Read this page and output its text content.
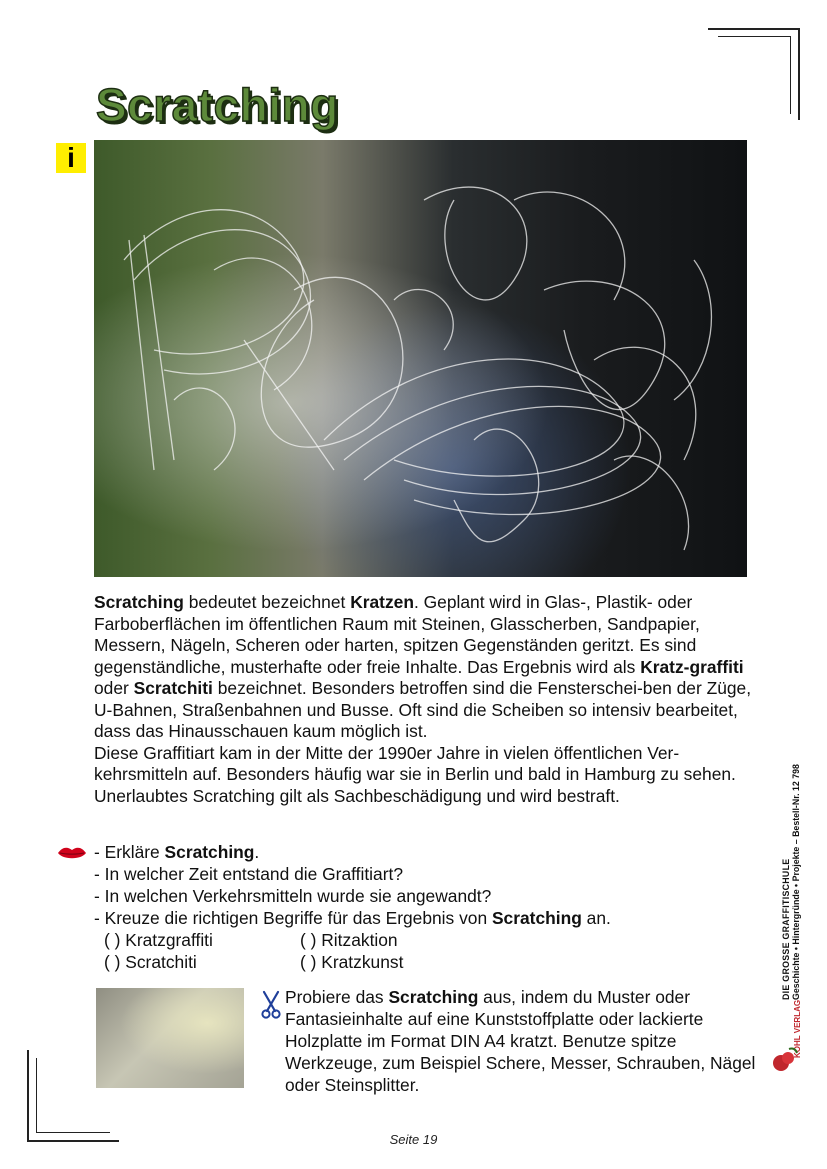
Scratching
i

Scratching bedeutet bezeichnet Kratzen. Geplant wird in Glas-, Plastik- oder Farboberflächen im öffentlichen Raum mit Steinen, Glasscherben, Sandpapier, Messern, Nägeln, Scheren oder harten, spitzen Gegenständen geritzt. Es sind gegenständliche, musterhafte oder freie Inhalte. Das Ergebnis wird als Kratz-graffiti oder Scratchiti bezeichnet. Besonders betroffen sind die Fensterschei-ben der Züge, U-Bahnen, Straßenbahnen und Busse. Oft sind die Scheiben so intensiv bearbeitet, dass das Hinausschauen kaum möglich ist.

Diese Graffitiart kam in der Mitte der 1990er Jahre in vielen öffentlichen Ver-kehrsmitteln auf. Besonders häufig war sie in Berlin und bald in Hamburg zu sehen.

Unerlaubtes Scratching gilt als Sachbeschädigung und wird bestraft.

- Erkläre Scratching.
- In welcher Zeit entstand die Graffitiart?
- In welchen Verkehrsmitteln wurde sie angewandt?
- Kreuze die richtigen Begriffe für das Ergebnis von Scratching an.
( ) Kratzgraffiti	( ) Ritzaktion
( ) Scratchiti	( ) Kratzkunst
Probiere das Scratching aus, indem du Muster oder Fantasieinhalte auf eine Kunststoffplatte oder lackierte Holzplatte im Format DIN A4 kratzt. Benutze spitze Werkzeuge, zum Beispiel Schere, Messer, Schrauben, Nägel oder Steinsplitter.
DIE GROSSE GRAFFITISCHULE Geschichte • Hintergründe • Projekte – Bestell-Nr. 12 798
KOHL VERLAG
Seite 19
